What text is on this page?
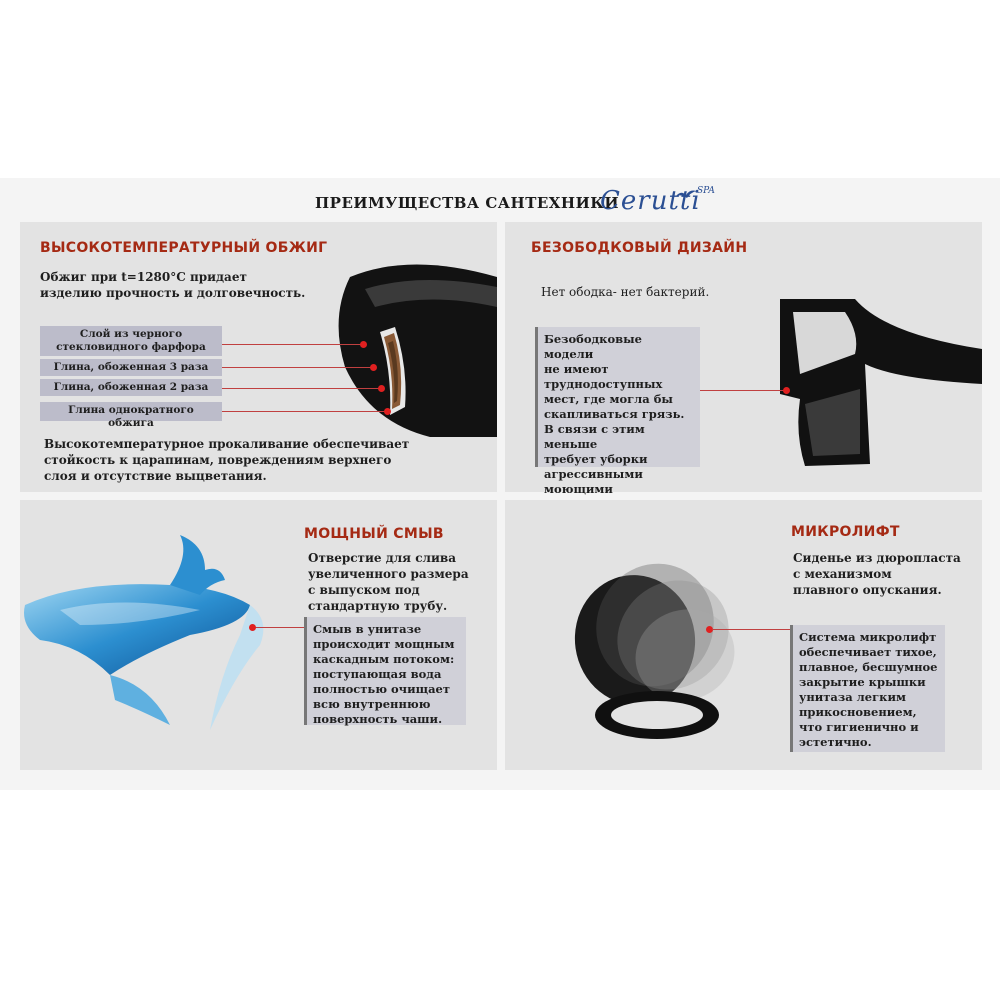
ПРЕИМУЩЕСТВА САНТЕХНИКИ
Cerutti
SPA
ВЫСОКОТЕМПЕРАТУРНЫЙ ОБЖИГ
Обжиг при t=1280°C придает
изделию прочность и долговечность.
Слой из черного стекловидного фарфора
Глина, обоженная 3 раза
Глина, обоженная 2 раза
Глина однократного обжига
Высокотемпературное прокаливание обеспечивает
стойкость к царапинам, повреждениям верхнего
слоя и отсутствие выцветания.
БЕЗОБОДКОВЫЙ ДИЗАЙН
Нет ободка- нет бактерий.
Безободковые модели
не имеют
труднодоступных
мест, где могла бы
скапливаться грязь.
В связи с этим меньше
требует уборки
агрессивными
моющими
МОЩНЫЙ СМЫВ
Отверстие для слива
увеличенного размера
с выпуском под
стандартную трубу.
Смыв в унитазе
происходит мощным
каскадным потоком:
поступающая вода
полностью очищает
всю внутреннюю
поверхность чаши.
МИКРОЛИФТ
Сиденье из дюропласта
с механизмом
плавного опускания.
Система микролифт
обеспечивает тихое,
плавное, бесшумное
закрытие крышки
унитаза легким
прикосновением,
что гигиенично и
эстетично.
